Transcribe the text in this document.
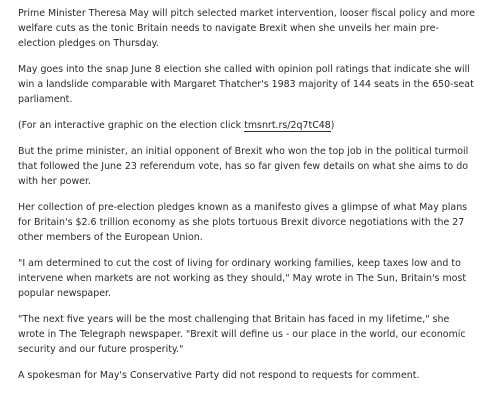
Prime Minister Theresa May will pitch selected market intervention, looser fiscal policy and more welfare cuts as the tonic Britain needs to navigate Brexit when she unveils her main pre-election pledges on Thursday.

May goes into the snap June 8 election she called with opinion poll ratings that indicate she will win a landslide comparable with Margaret Thatcher's 1983 majority of 144 seats in the 650-seat parliament.

(For an interactive graphic on the election click tmsnrt.rs/2q7tC48)

But the prime minister, an initial opponent of Brexit who won the top job in the political turmoil that followed the June 23 referendum vote, has so far given few details on what she aims to do with her power.

Her collection of pre-election pledges known as a manifesto gives a glimpse of what May plans for Britain's $2.6 trillion economy as she plots tortuous Brexit divorce negotiations with the 27 other members of the European Union.

"I am determined to cut the cost of living for ordinary working families, keep taxes low and to intervene when markets are not working as they should," May wrote in The Sun, Britain's most popular newspaper.

"The next five years will be the most challenging that Britain has faced in my lifetime," she wrote in The Telegraph newspaper. "Brexit will define us - our place in the world, our economic security and our future prosperity."

A spokesman for May's Conservative Party did not respond to requests for comment.
